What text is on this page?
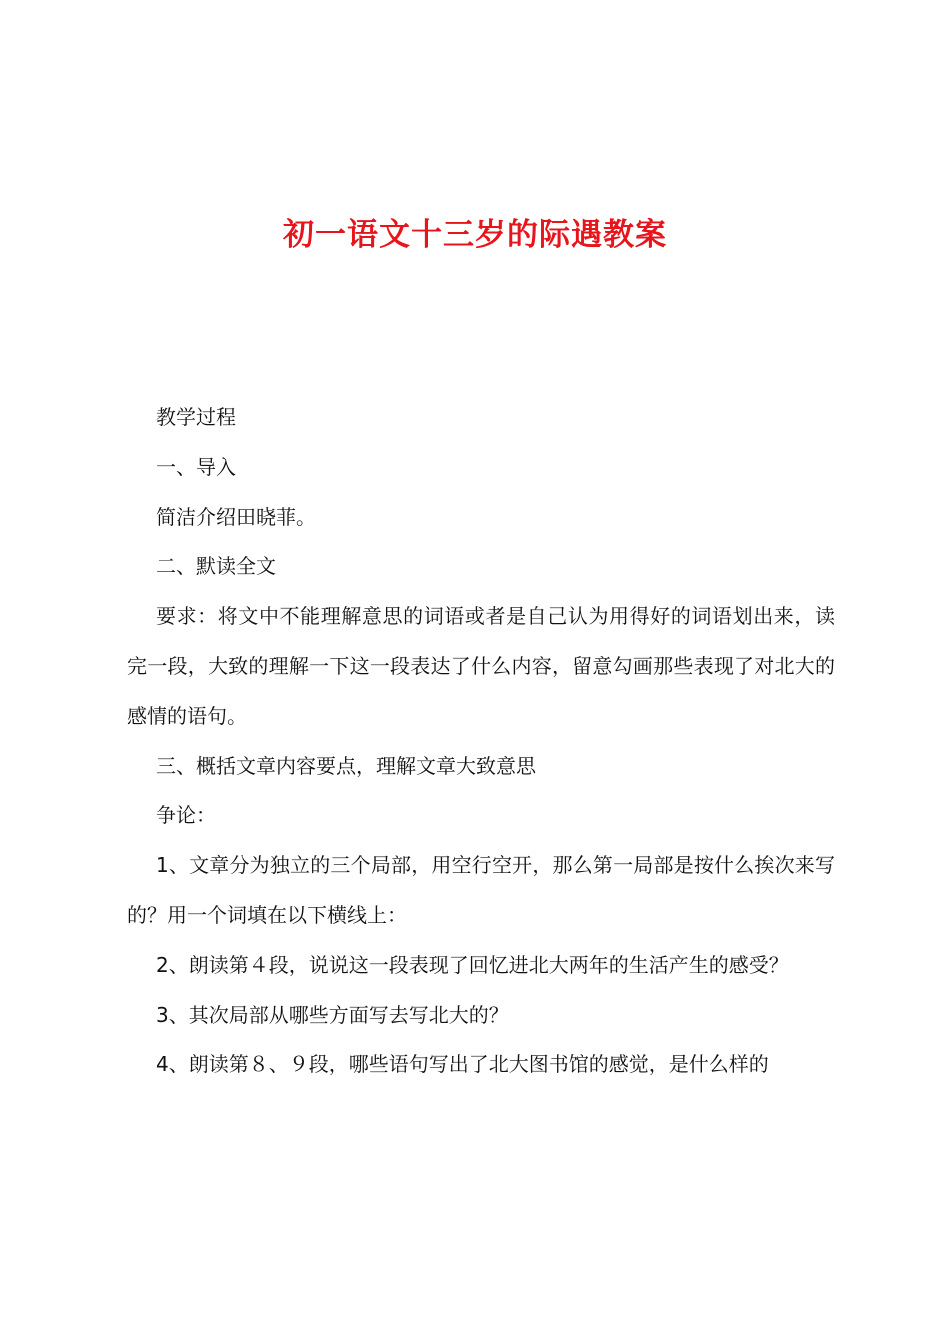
初一语文十三岁的际遇教案

教学过程

一、导入

简洁介绍田晓菲。

二、默读全文

要求：将文中不能理解意思的词语或者是自己认为用得好的词语划出来，读完一段，大致的理解一下这一段表达了什么内容，留意勾画那些表现了对北大的感情的语句。

三、概括文章内容要点，理解文章大致意思

争论：

1、文章分为独立的三个局部，用空行空开，那么第一局部是按什么挨次来写的？用一个词填在以下横线上：

2、朗读第４段，说说这一段表现了回忆进北大两年的生活产生的感受？

3、其次局部从哪些方面写去写北大的？

4、朗读第８、９段，哪些语句写出了北大图书馆的感觉，是什么样的
